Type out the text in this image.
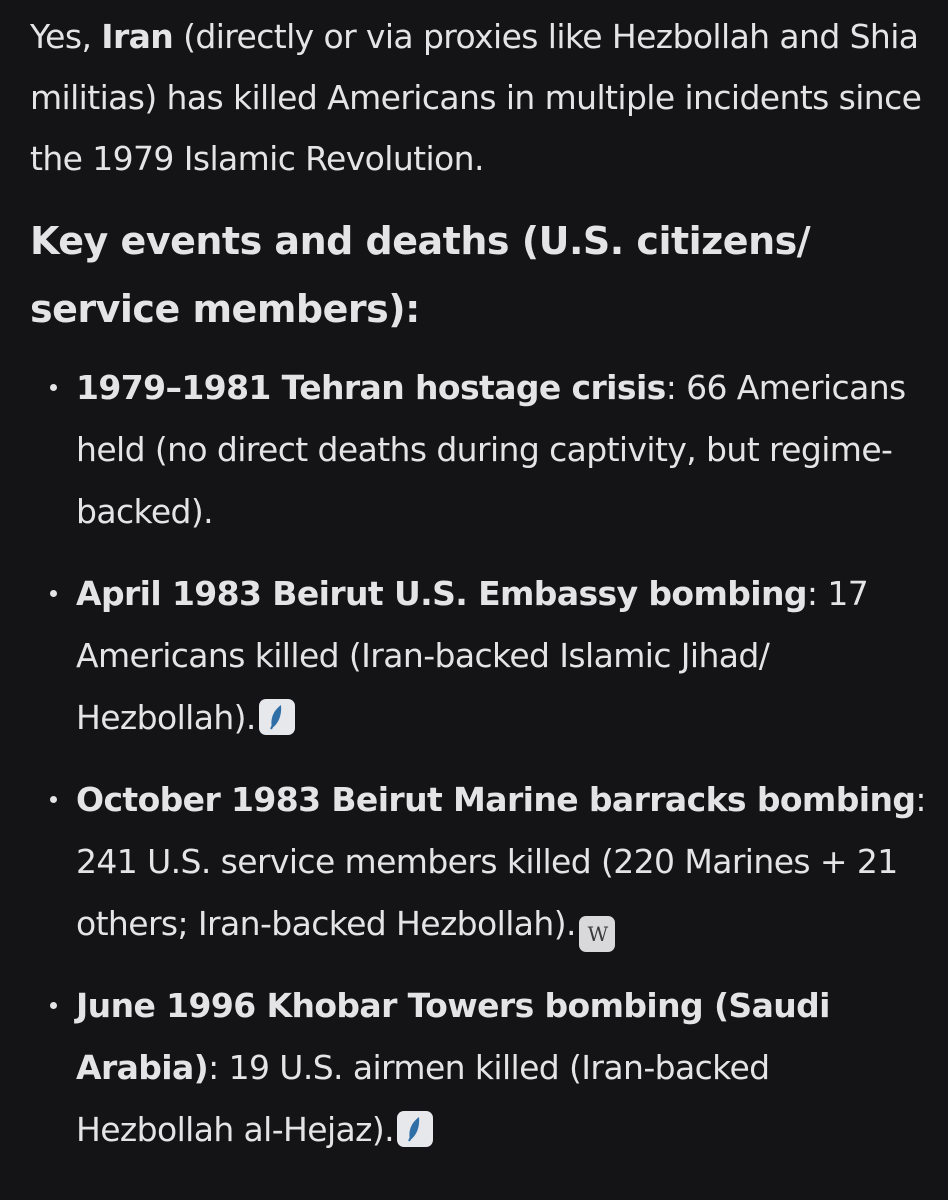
Yes, Iran (directly or via proxies like Hezbollah and Shia militias) has killed Americans in multiple incidents since the 1979 Islamic Revolution.

Key events and deaths (U.S. citizens/ service members):
1979–1981 Tehran hostage crisis: 66 Americans held (no direct deaths during captivity, but regime-backed).
April 1983 Beirut U.S. Embassy bombing: 17 Americans killed (Iran-backed Islamic Jihad/ Hezbollah).
October 1983 Beirut Marine barracks bombing: 241 U.S. service members killed (220 Marines + 21 others; Iran-backed Hezbollah). W
June 1996 Khobar Towers bombing (Saudi Arabia): 19 U.S. airmen killed (Iran-backed Hezbollah al-Hejaz).
